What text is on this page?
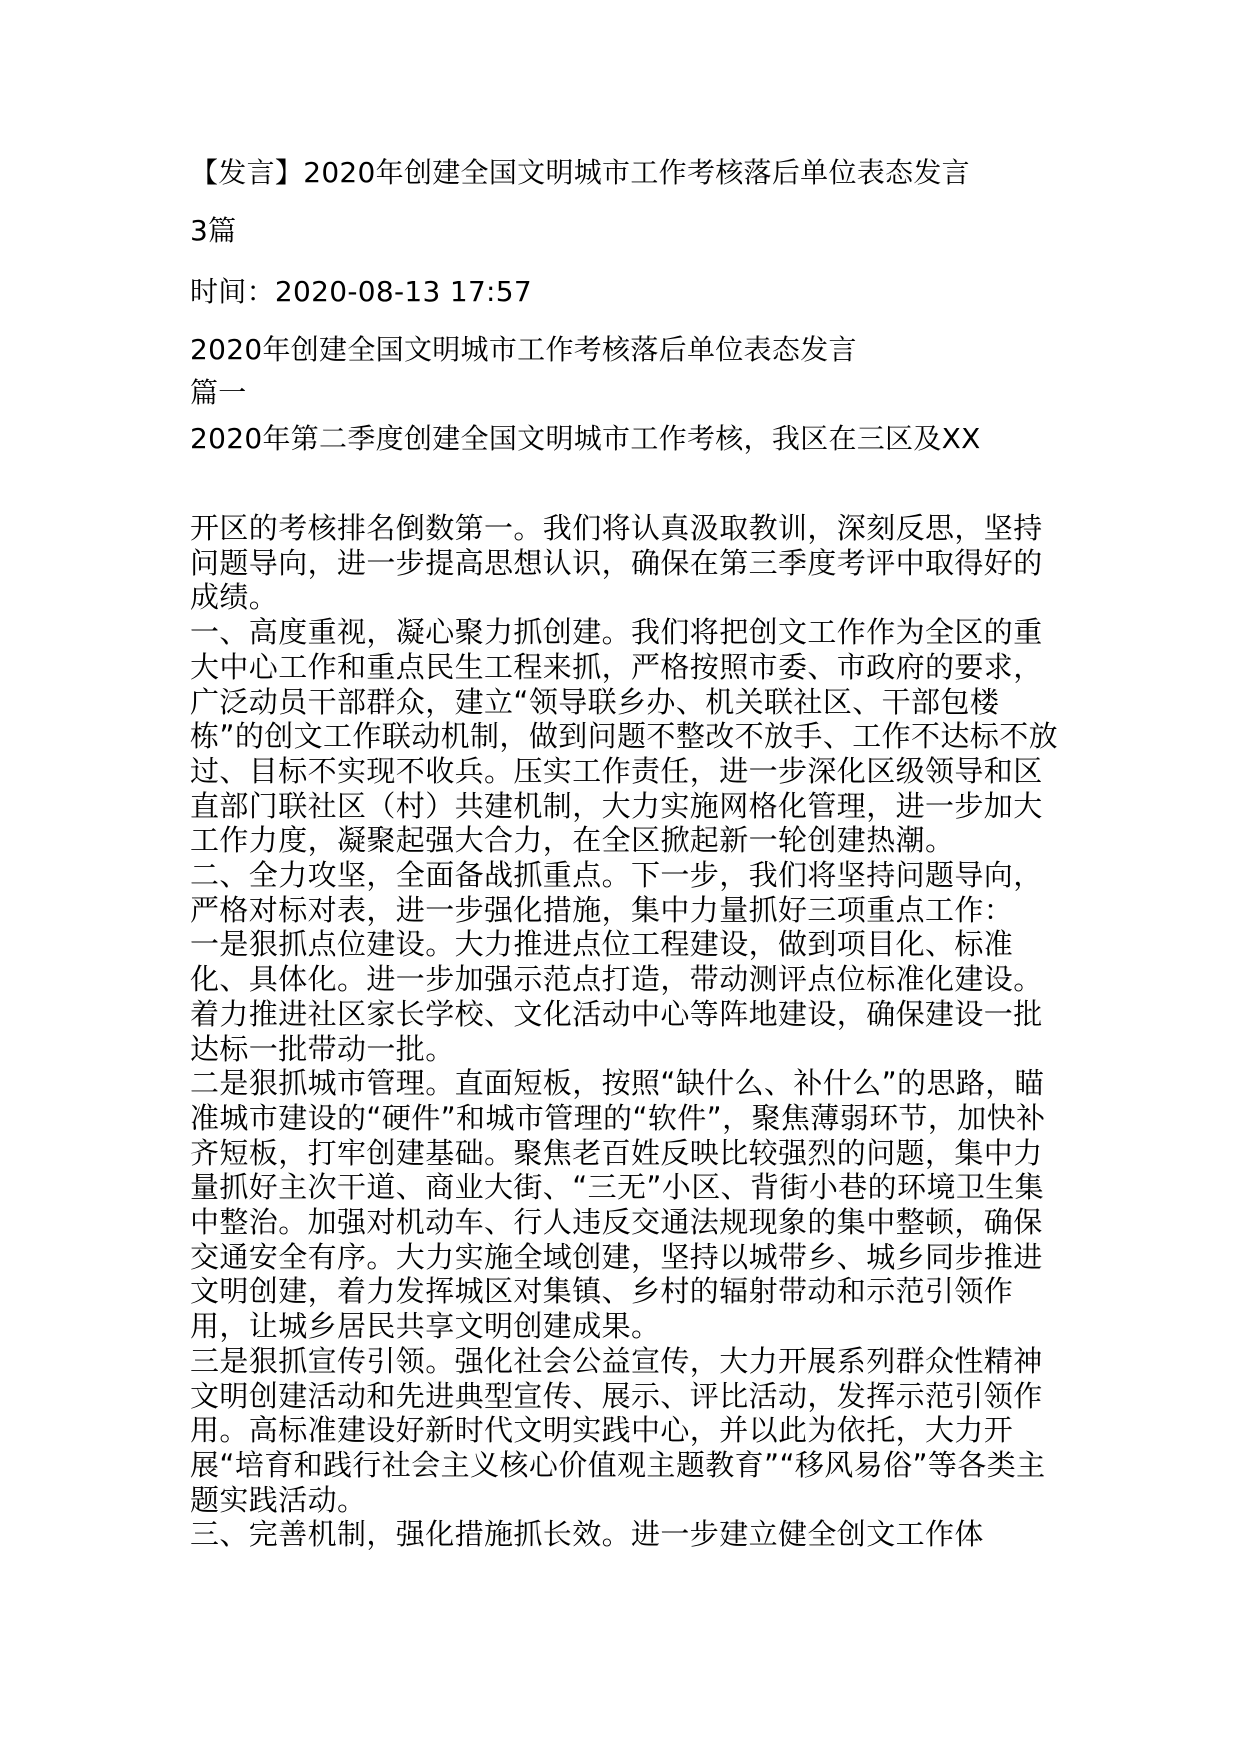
【发言】2020年创建全国文明城市工作考核落后单位表态发言
3篇
时间：2020-08-13 17:57
2020年创建全国文明城市工作考核落后单位表态发言
篇一
2020年第二季度创建全国文明城市工作考核，我区在三区及XX

开区的考核排名倒数第一。我们将认真汲取教训，深刻反思，坚持问题导向，进一步提高思想认识，确保在第三季度考评中取得好的成绩。

一、高度重视，凝心聚力抓创建。我们将把创文工作作为全区的重大中心工作和重点民生工程来抓，严格按照市委、市政府的要求，广泛动员干部群众，建立“领导联乡办、机关联社区、干部包楼栋”的创文工作联动机制，做到问题不整改不放手、工作不达标不放过、目标不实现不收兵。压实工作责任，进一步深化区级领导和区直部门联社区（村）共建机制，大力实施网格化管理，进一步加大工作力度，凝聚起强大合力，在全区掀起新一轮创建热潮。

二、全力攻坚，全面备战抓重点。下一步，我们将坚持问题导向，严格对标对表，进一步强化措施，集中力量抓好三项重点工作：

一是狠抓点位建设。大力推进点位工程建设，做到项目化、标准化、具体化。进一步加强示范点打造，带动测评点位标准化建设。着力推进社区家长学校、文化活动中心等阵地建设，确保建设一批达标一批带动一批。

二是狠抓城市管理。直面短板，按照“缺什么、补什么”的思路，瞄准城市建设的“硬件”和城市管理的“软件”，聚焦薄弱环节，加快补齐短板，打牢创建基础。聚焦老百姓反映比较强烈的问题，集中力量抓好主次干道、商业大街、“三无”小区、背街小巷的环境卫生集中整治。加强对机动车、行人违反交通法规现象的集中整顿，确保交通安全有序。大力实施全域创建，坚持以城带乡、城乡同步推进文明创建，着力发挥城区对集镇、乡村的辐射带动和示范引领作用，让城乡居民共享文明创建成果。

三是狠抓宣传引领。强化社会公益宣传，大力开展系列群众性精神文明创建活动和先进典型宣传、展示、评比活动，发挥示范引领作用。高标准建设好新时代文明实践中心，并以此为依托，大力开展“培育和践行社会主义核心价值观主题教育”“移风易俗”等各类主题实践活动。

三、完善机制，强化措施抓长效。进一步建立健全创文工作体
